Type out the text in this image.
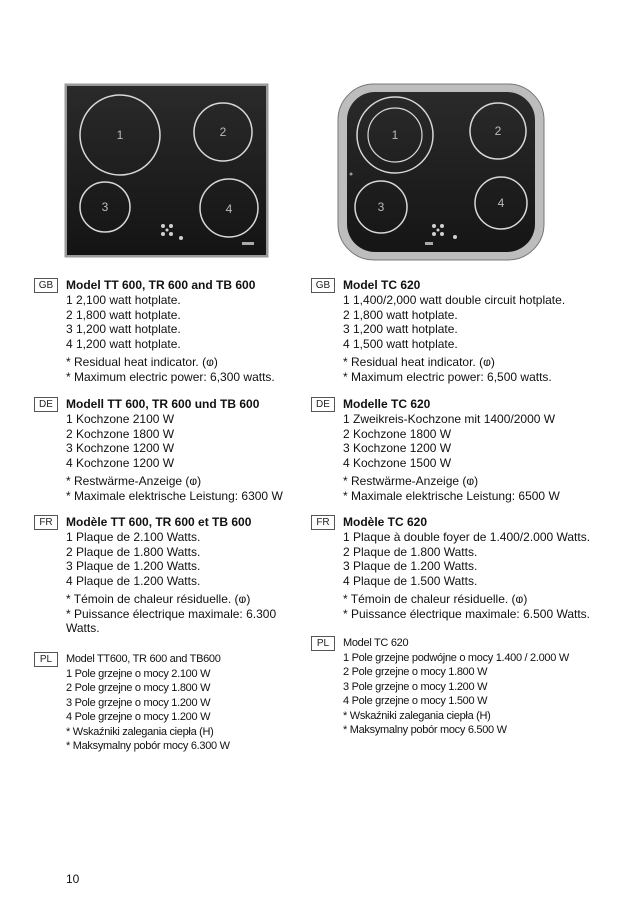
1	2
3	4
1	2
3	4
GB	Model TT 600, TR 600 and TB 600
1 2,100 watt hotplate.
2 1,800 watt hotplate.
3 1,200 watt hotplate.
4 1,200 watt hotplate.
* Residual heat indicator. (ⱷ)
* Maximum electric power: 6,300 watts.
DE	Modell TT 600, TR 600 und TB 600
1 Kochzone 2100 W
2 Kochzone 1800 W
3 Kochzone 1200 W
4 Kochzone 1200 W
* Restwärme-Anzeige (ⱷ)
* Maximale elektrische Leistung: 6300 W
FR	Modèle TT 600, TR 600 et TB 600
1 Plaque de 2.100 Watts.
2 Plaque de 1.800 Watts.
3 Plaque de 1.200 Watts.
4 Plaque de 1.200 Watts.
* Témoin de chaleur résiduelle. (ⱷ)
* Puissance électrique maximale: 6.300 Watts.
PL	Model TT600, TR 600 and TB600
1 Pole grzejne o mocy 2.100 W
2 Pole grzejne o mocy 1.800 W
3 Pole grzejne o mocy 1.200 W
4 Pole grzejne o mocy 1.200 W
* Wskaźniki zalegania ciepła (H)
* Maksymalny pobór mocy 6.300 W
GB	Model TC 620
1 1,400/2,000 watt double circuit hotplate.
2 1,800 watt hotplate.
3 1,200 watt hotplate.
4 1,500 watt hotplate.
* Residual heat indicator. (ⱷ)
* Maximum electric power: 6,500 watts.
DE	Modelle TC 620
1 Zweikreis-Kochzone mit 1400/2000 W
2 Kochzone 1800 W
3 Kochzone 1200 W
4 Kochzone 1500 W
* Restwärme-Anzeige (ⱷ)
* Maximale elektrische Leistung: 6500 W
FR	Modèle TC 620
1 Plaque à double foyer de 1.400/2.000 Watts.
2 Plaque de 1.800 Watts.
3 Plaque de 1.200 Watts.
4 Plaque de 1.500 Watts.
* Témoin de chaleur résiduelle. (ⱷ)
* Puissance électrique maximale: 6.500 Watts.
PL	Model TC 620
1 Pole grzejne podwójne o mocy 1.400 / 2.000 W
2 Pole grzejne o mocy 1.800 W
3 Pole grzejne o mocy 1.200 W
4 Pole grzejne o mocy 1.500 W
* Wskaźniki zalegania ciepła (H)
* Maksymalny pobór mocy 6.500 W
10
